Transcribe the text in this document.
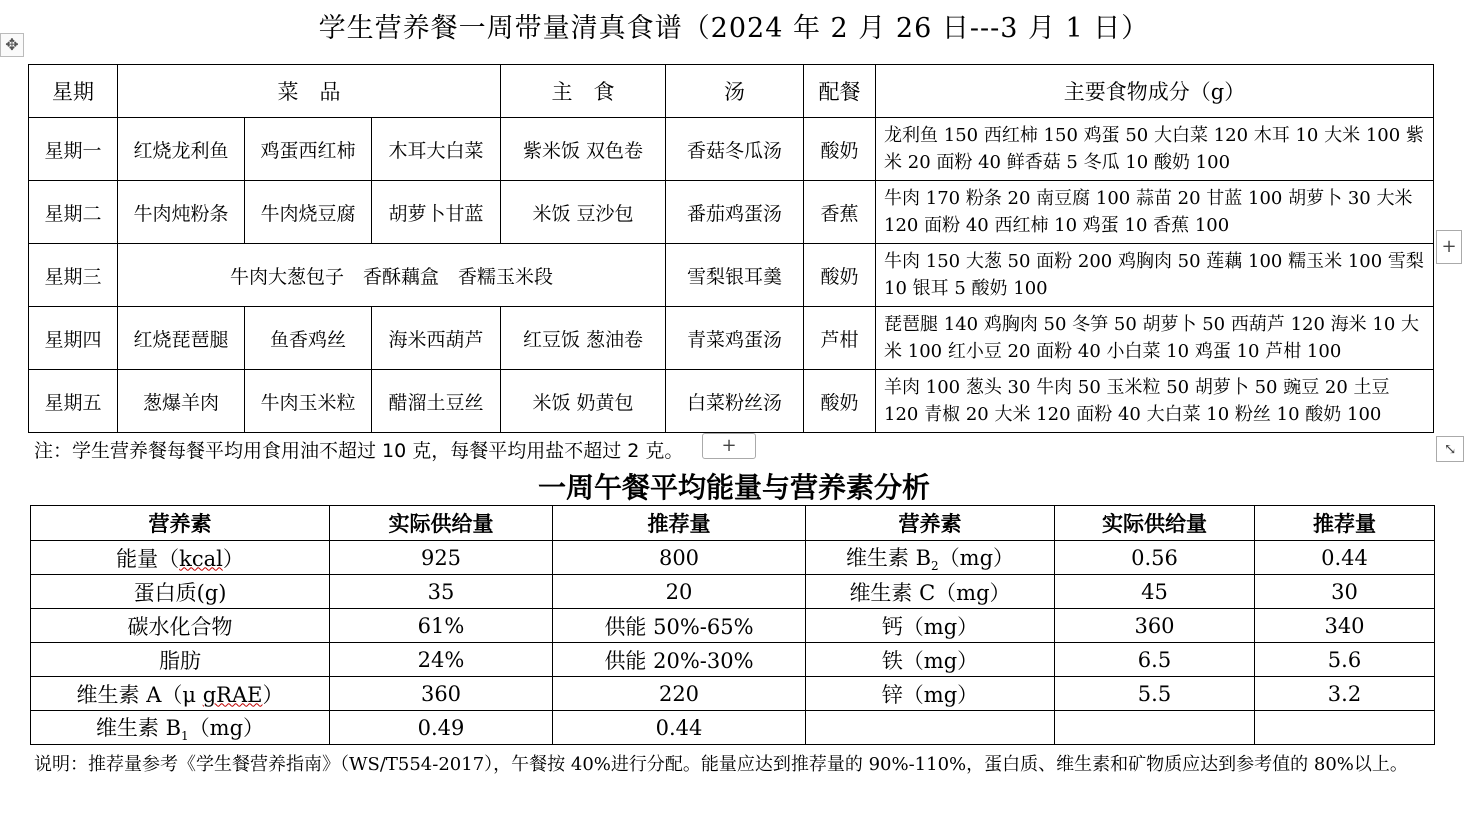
学生营养餐一周带量清真食谱（2024 年 2 月 26 日---3 月 1 日）
✥
星期	菜　品			主　食	汤	配餐	主要食物成分（g）
星期一	红烧龙利鱼	鸡蛋西红柿	木耳大白菜	紫米饭 双色卷	香菇冬瓜汤	酸奶	龙利鱼 150 西红柿 150 鸡蛋 50 大白菜 120 木耳 10 大米 100 紫米 20 面粉 40 鲜香菇 5 冬瓜 10 酸奶 100
星期二	牛肉炖粉条	牛肉烧豆腐	胡萝卜甘蓝	米饭 豆沙包	番茄鸡蛋汤	香蕉	牛肉 170 粉条 20 南豆腐 100 蒜苗 20 甘蓝 100 胡萝卜 30 大米 120 面粉 40 西红柿 10 鸡蛋 10 香蕉 100
星期三	牛肉大葱包子　香酥藕盒　香糯玉米段				雪梨银耳羹	酸奶	牛肉 150 大葱 50 面粉 200 鸡胸肉 50 莲藕 100 糯玉米 100 雪梨 10 银耳 5 酸奶 100
星期四	红烧琵琶腿	鱼香鸡丝	海米西葫芦	红豆饭 葱油卷	青菜鸡蛋汤	芦柑	琵琶腿 140 鸡胸肉 50 冬笋 50 胡萝卜 50 西葫芦 120 海米 10 大米 100 红小豆 20 面粉 40 小白菜 10 鸡蛋 10 芦柑 100
星期五	葱爆羊肉	牛肉玉米粒	醋溜土豆丝	米饭 奶黄包	白菜粉丝汤	酸奶	羊肉 100 葱头 30 牛肉 50 玉米粒 50 胡萝卜 50 豌豆 20 土豆 120 青椒 20 大米 120 面粉 40 大白菜 10 粉丝 10 酸奶 100
+
注：学生营养餐每餐平均用食用油不超过 10 克，每餐平均用盐不超过 2 克。	+	⤡
一周午餐平均能量与营养素分析
营养素	实际供给量	推荐量	营养素	实际供给量	推荐量
能量（kcal）	925	800	维生素 $B_2(mg)$	0.56	0.44
蛋白质(g)	35	20	维生素 C（mg）	45	30
碳水化合物	61%	供能 50%-65%	钙（mg）	360	340
脂肪	24%	供能 20%-30%	铁（mg）	6.5	5.6
维生素 A（μ gRAE）	360	220	锌（mg）	5.5	3.2
维生素 $B_1(mg)$	0.49	0.44			
说明：推荐量参考《学生餐营养指南》（WS/T554-2017），午餐按 40%进行分配。能量应达到推荐量的 90%-110%，蛋白质、维生素和矿物质应达到参考值的 80%以上。
